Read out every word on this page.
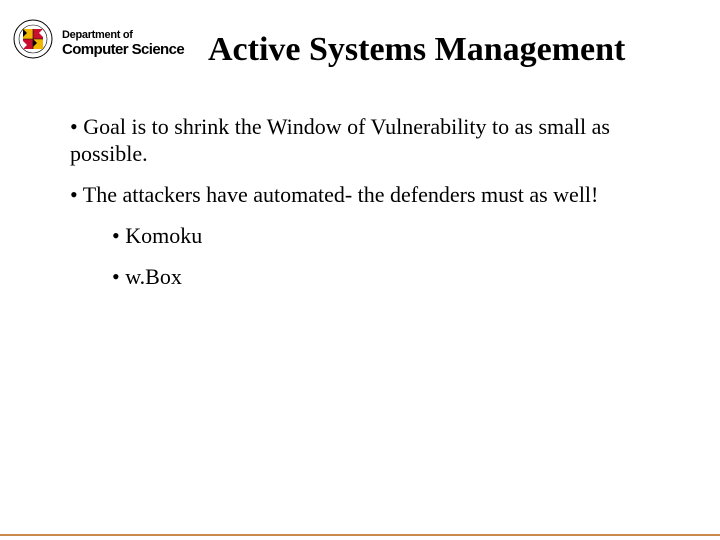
Department of
Computer Science Active Systems Management
• Goal is to shrink the Window of Vulnerability to as small as possible.
• The attackers have automated- the defenders must as well!
• Komoku
• w.Box
